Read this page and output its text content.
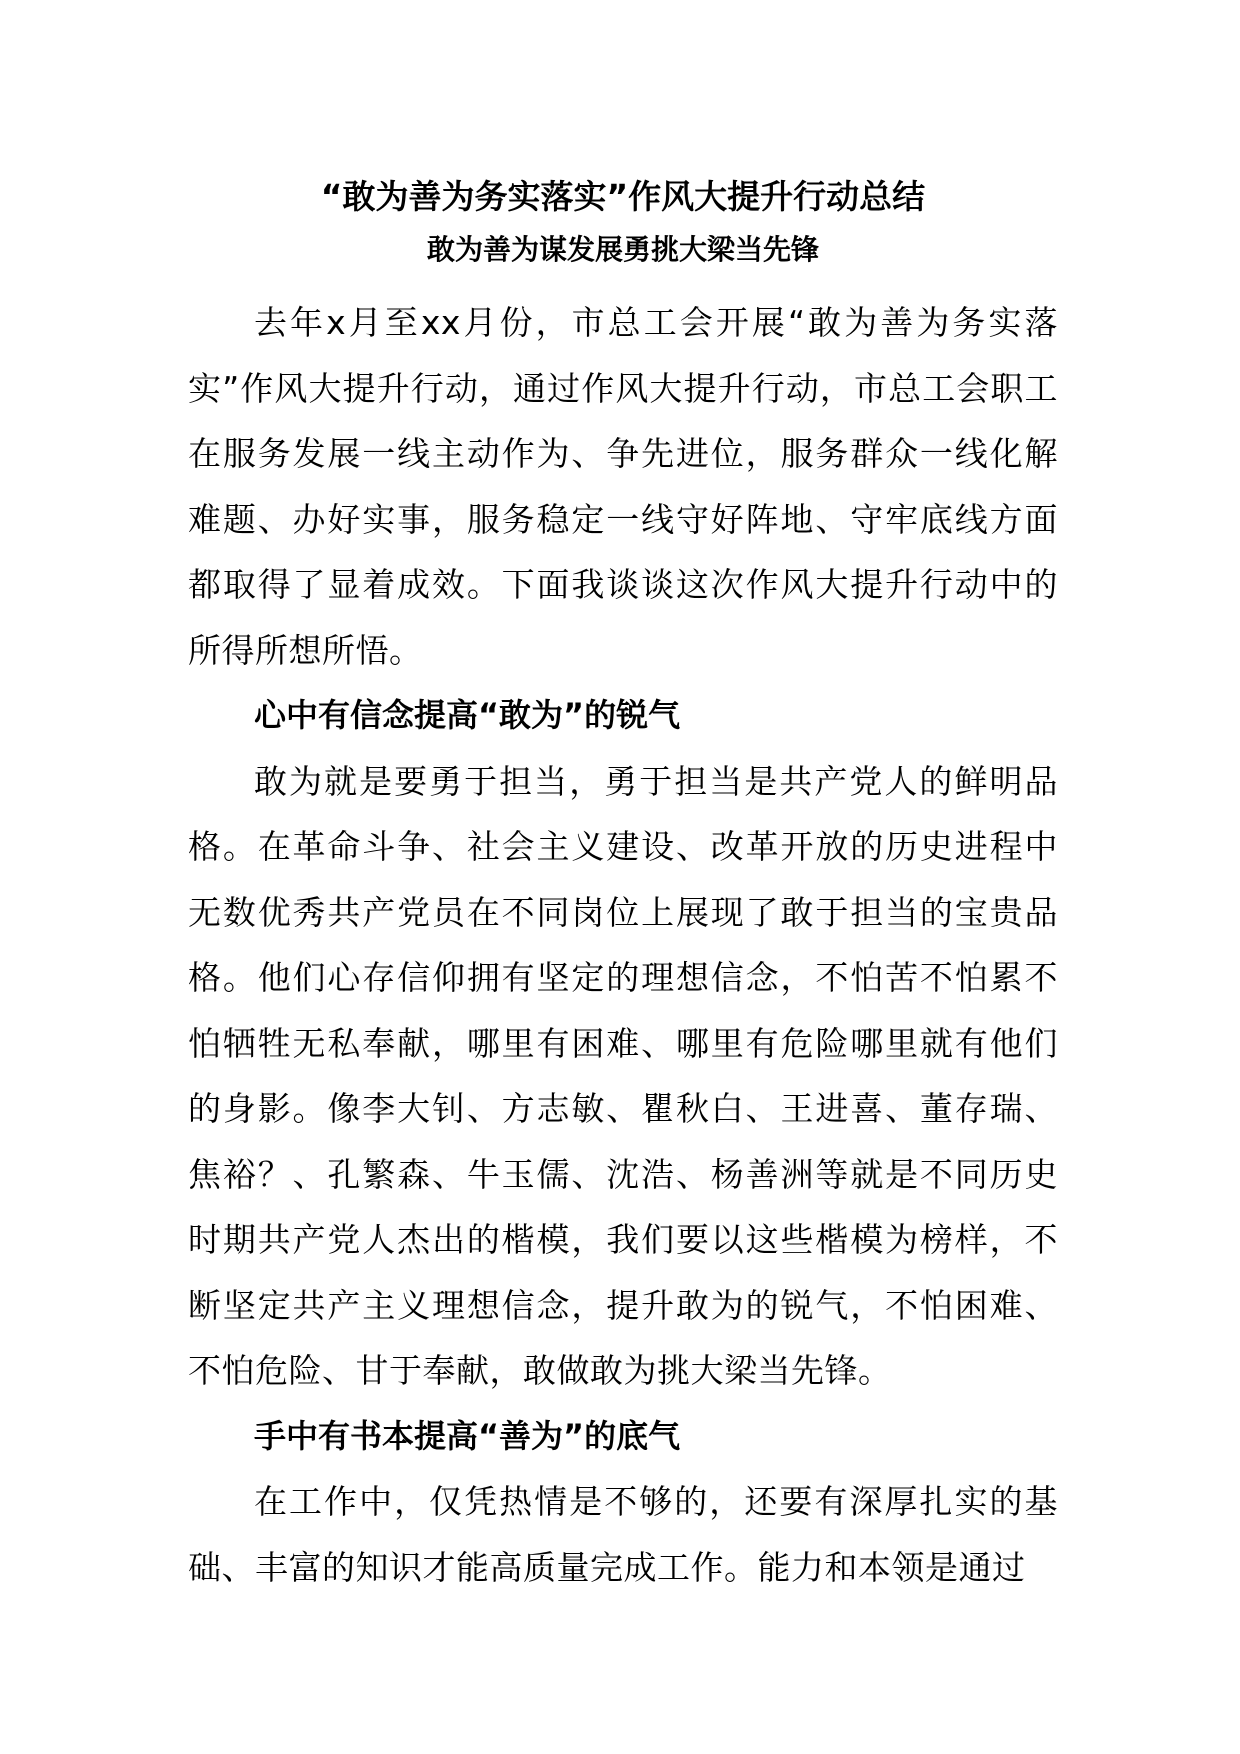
“敢为善为务实落实”作风大提升行动总结
敢为善为谋发展勇挑大梁当先锋

去年x月至xx月份，市总工会开展“敢为善为务实落实”作风大提升行动，通过作风大提升行动，市总工会职工在服务发展一线主动作为、争先进位，服务群众一线化解难题、办好实事，服务稳定一线守好阵地、守牢底线方面都取得了显着成效。下面我谈谈这次作风大提升行动中的所得所想所悟。

心中有信念提高“敢为”的锐气

敢为就是要勇于担当，勇于担当是共产党人的鲜明品格。在革命斗争、社会主义建设、改革开放的历史进程中无数优秀共产党员在不同岗位上展现了敢于担当的宝贵品格。他们心存信仰拥有坚定的理想信念，不怕苦不怕累不怕牺牲无私奉献，哪里有困难、哪里有危险哪里就有他们的身影。像李大钊、方志敏、瞿秋白、王进喜、董存瑞、焦裕？、孔繁森、牛玉儒、沈浩、杨善洲等就是不同历史时期共产党人杰出的楷模，我们要以这些楷模为榜样，不断坚定共产主义理想信念，提升敢为的锐气，不怕困难、不怕危险、甘于奉献，敢做敢为挑大梁当先锋。

手中有书本提高“善为”的底气

在工作中，仅凭热情是不够的，还要有深厚扎实的基础、丰富的知识才能高质量完成工作。能力和本领是通过
